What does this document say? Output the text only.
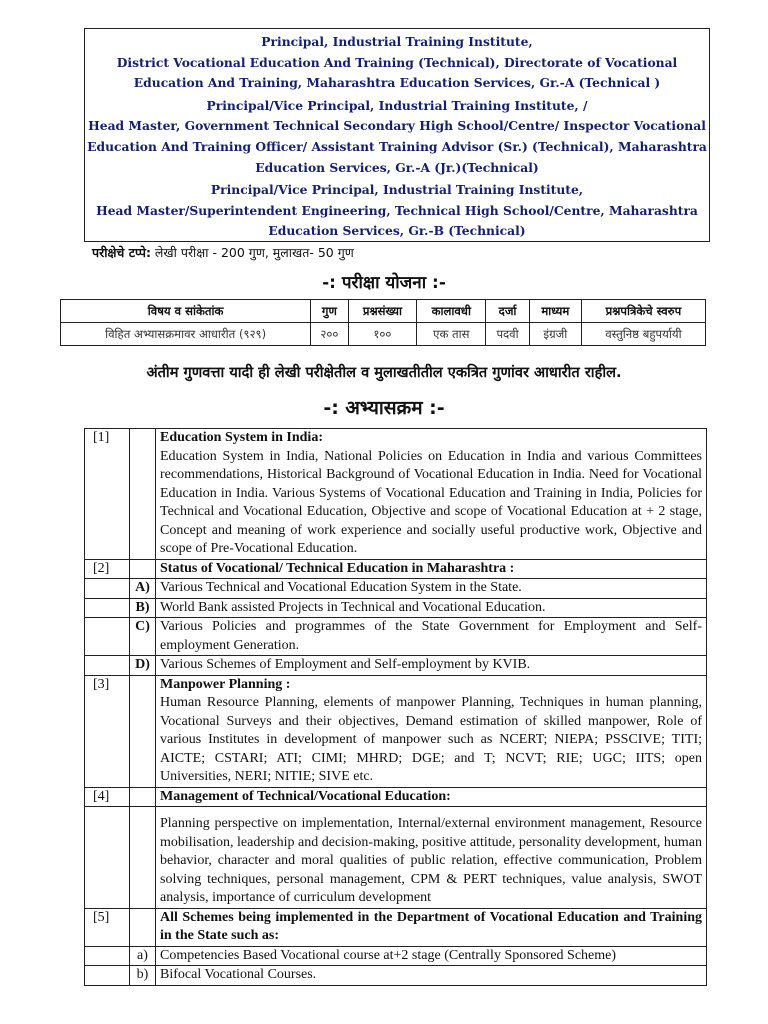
Principal, Industrial Training Institute,
District Vocational Education And Training (Technical), Directorate of Vocational
Education And Training, Maharashtra Education Services, Gr.-A (Technical )
Principal/Vice Principal, Industrial Training Institute, /
Head Master, Government Technical Secondary High School/Centre/ Inspector Vocational
Education And Training Officer/ Assistant Training Advisor (Sr.) (Technical), Maharashtra
Education Services, Gr.-A (Jr.)(Technical)
Principal/Vice Principal, Industrial Training Institute,
Head Master/Superintendent Engineering, Technical High School/Centre, Maharashtra
Education Services, Gr.-B (Technical)
परीक्षेचे टप्पे: लेखी परीक्षा - 200 गुण, मुलाखत- 50 गुण
-: परीक्षा योजना :-
विषय व सांकेतांक	गुण	प्रश्नसंख्या	कालावधी	दर्जा	माध्यम	प्रश्नपत्रिकेचे स्वरुप
विहित अभ्यासक्रमावर आधारीत (९२९)	२००	१००	एक तास	पदवी	इंग्रजी	वस्तुनिष्ठ बहुपर्यायी
अंतीम गुणवत्ता यादी ही लेखी परीक्षेतील व मुलाखतीतील एकत्रित गुणांवर आधारीत राहील.
-: अभ्यासक्रम :-
[1]		Education System in India:
Education System in India, National Policies on Education in India and various Committees recommendations, Historical Background of Vocational Education in India. Need for Vocational Education in India. Various Systems of Vocational Education and Training in India, Policies for Technical and Vocational Education, Objective and scope of Vocational Education at + 2 stage, Concept and meaning of work experience and socially useful productive work, Objective and scope of Pre-Vocational Education.

[2]		Status of Vocational/ Technical Education in Maharashtra :
	A)	Various Technical and Vocational Education System in the State.
	B)	World Bank assisted Projects in Technical and Vocational Education.
	C)	Various Policies and programmes of the State Government for Employment and Self-employment Generation.
	D)	Various Schemes of Employment and Self-employment by KVIB.
[3]		Manpower Planning :
Human Resource Planning, elements of manpower Planning, Techniques in human planning, Vocational Surveys and their objectives, Demand estimation of skilled manpower, Role of various Institutes in development of manpower such as NCERT; NIEPA; PSSCIVE; TITI; AICTE; CSTARI; ATI; CIMI; MHRD; DGE; and T; NCVT; RIE; UGC; IITS; open Universities, NERI; NITIE; SIVE etc.

[4]		Management of Technical/Vocational Education:

		Planning perspective on implementation, Internal/external environment management, Resource mobilisation, leadership and decision-making, positive attitude, personality development, human behavior, character and moral qualities of public relation, effective communication, Problem solving techniques, personal management, CPM & PERT techniques, value analysis, SWOT analysis, importance of curriculum development

[5]		All Schemes being implemented in the Department of Vocational Education and Training in the State such as:
	a)	Competencies Based Vocational course at+2 stage (Centrally Sponsored Scheme)
	b)	Bifocal Vocational Courses.
